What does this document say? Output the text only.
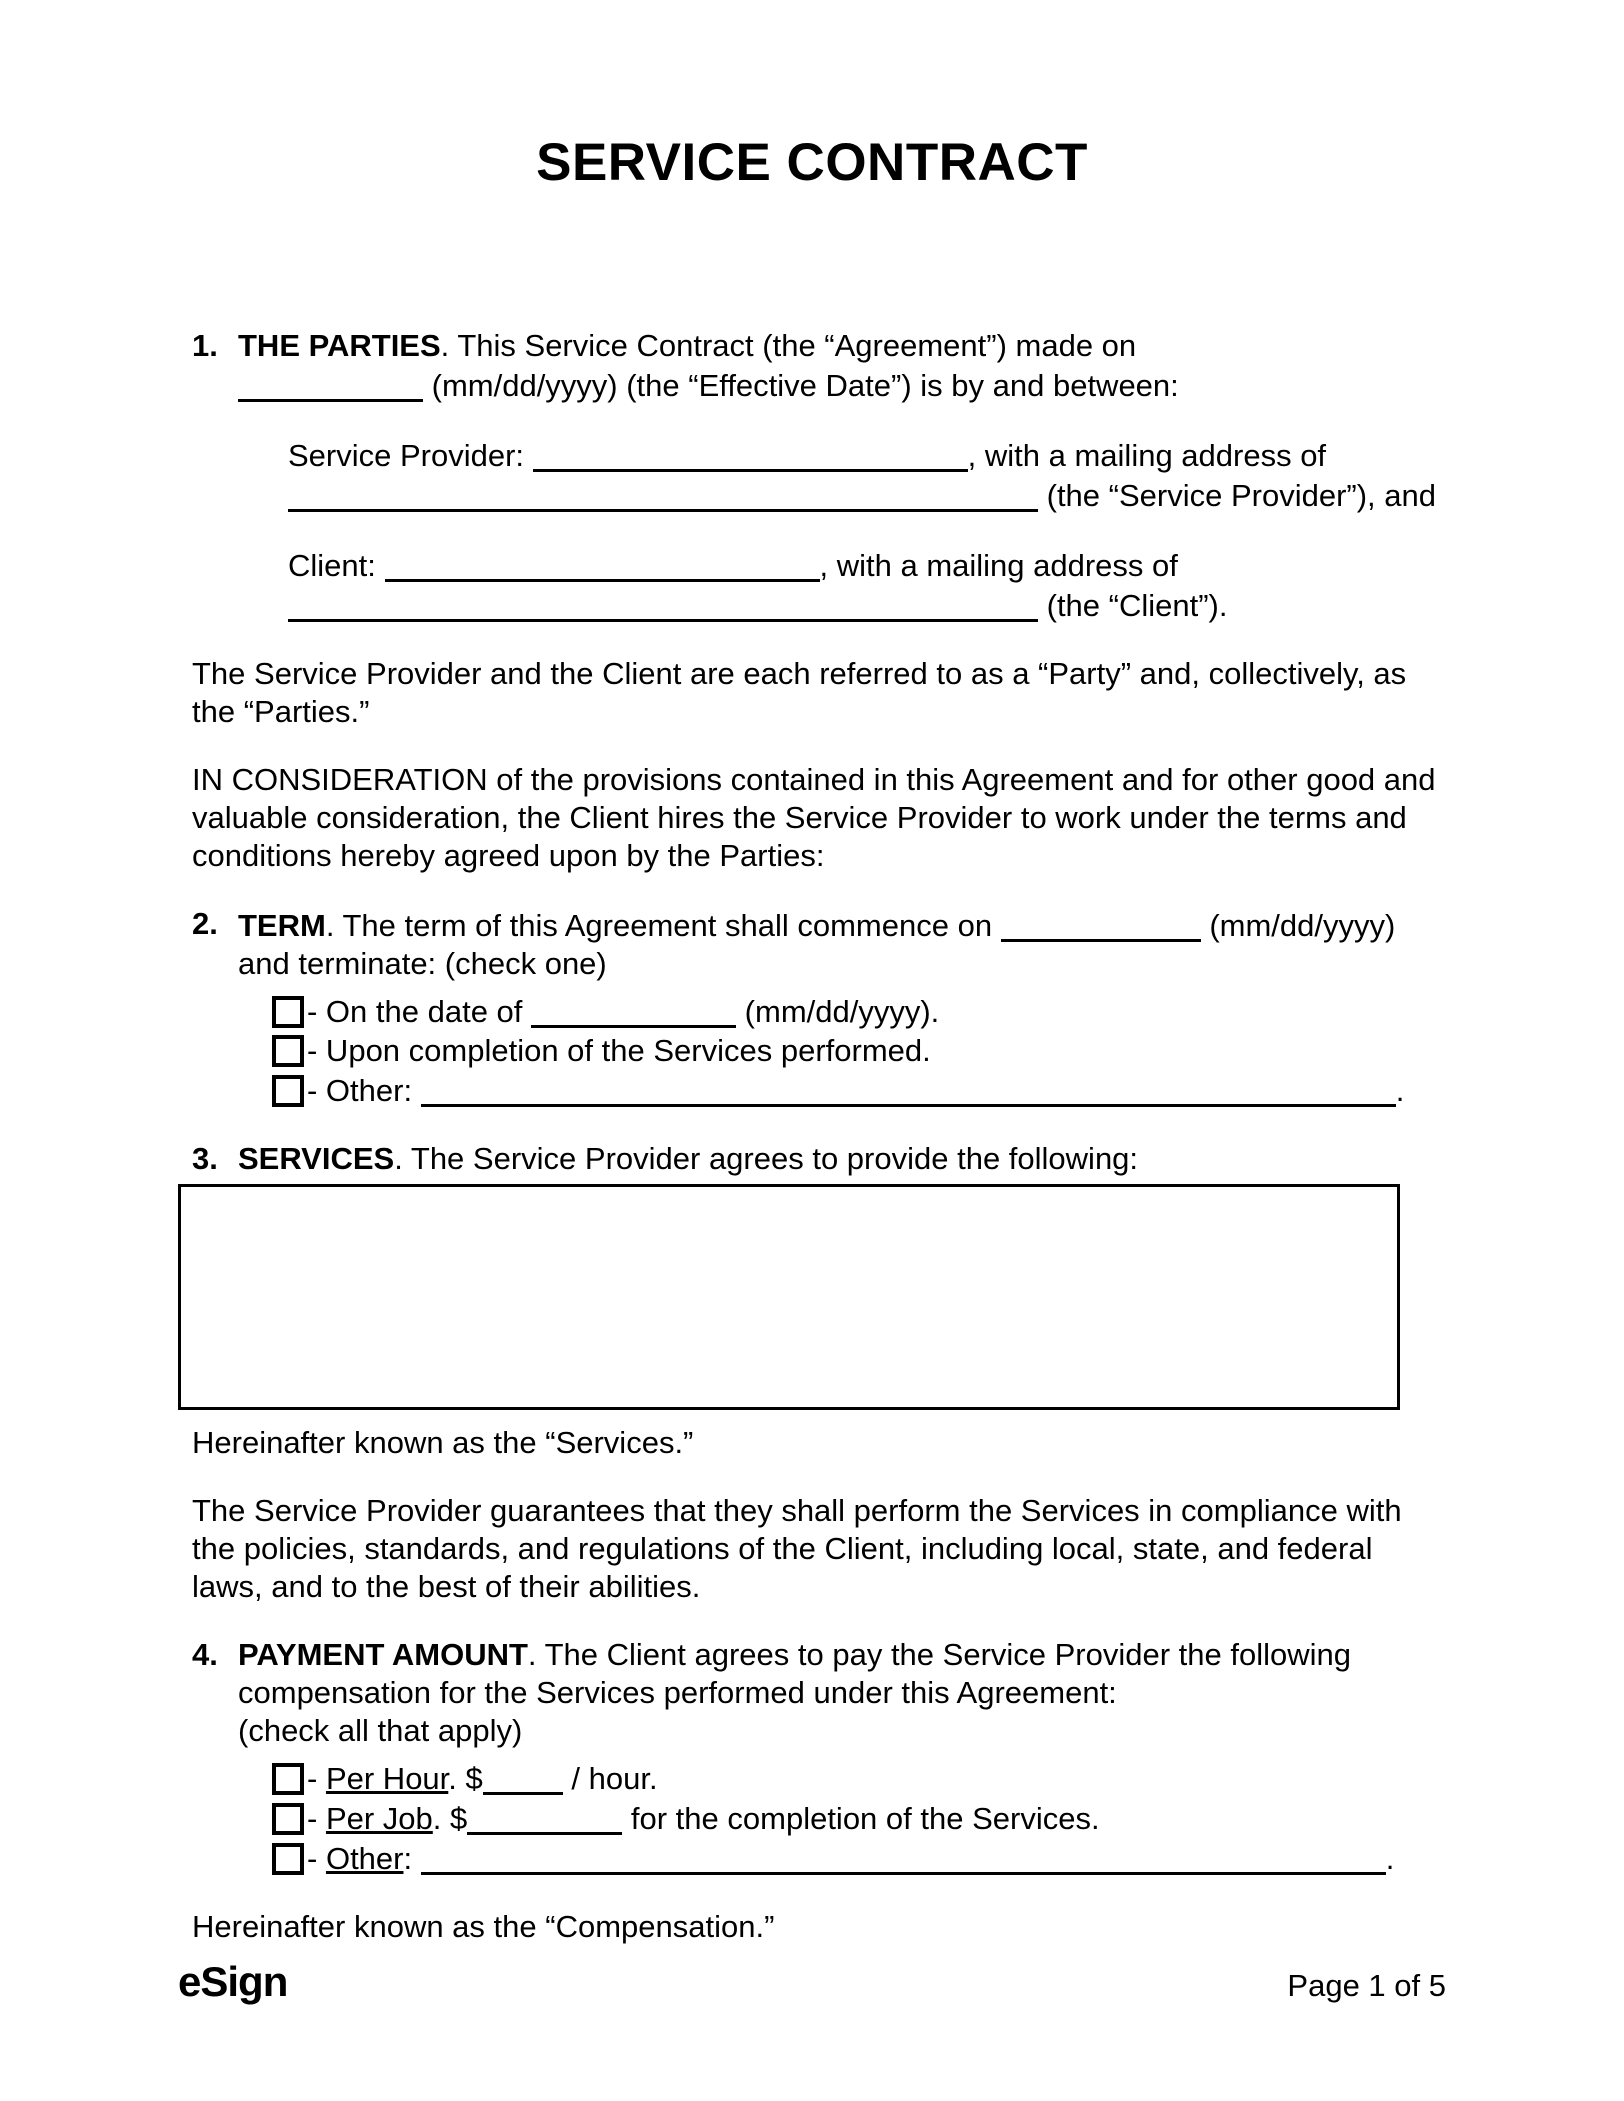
SERVICE CONTRACT
1. THE PARTIES. This Service Contract (the “Agreement”) made on
(mm/dd/yyyy) (the “Effective Date”) is by and between:
Service Provider:	, with a mailing address of
(the “Service Provider”), and
Client:	, with a mailing address of
(the “Client”).

The Service Provider and the Client are each referred to as a “Party” and, collectively, as the “Parties.”

IN CONSIDERATION of the provisions contained in this Agreement and for other good and valuable consideration, the Client hires the Service Provider to work under the terms and conditions hereby agreed upon by the Parties:

2. TERM. The term of this Agreement shall commence on	(mm/dd/yyyy)
and terminate: (check one)
- On the date of	(mm/dd/yyyy).
- Upon completion of the Services performed.
- Other:	.
3. SERVICES. The Service Provider agrees to provide the following:

Hereinafter known as the “Services.”

The Service Provider guarantees that they shall perform the Services in compliance with the policies, standards, and regulations of the Client, including local, state, and federal laws, and to the best of their abilities.

4. PAYMENT AMOUNT. The Client agrees to pay the Service Provider the following compensation for the Services performed under this Agreement:
(check all that apply)
- Per Hour. $	/ hour.
- Per Job. $	for the completion of the Services.
- Other:	.

Hereinafter known as the “Compensation.”

eSign	Page 1 of 5
